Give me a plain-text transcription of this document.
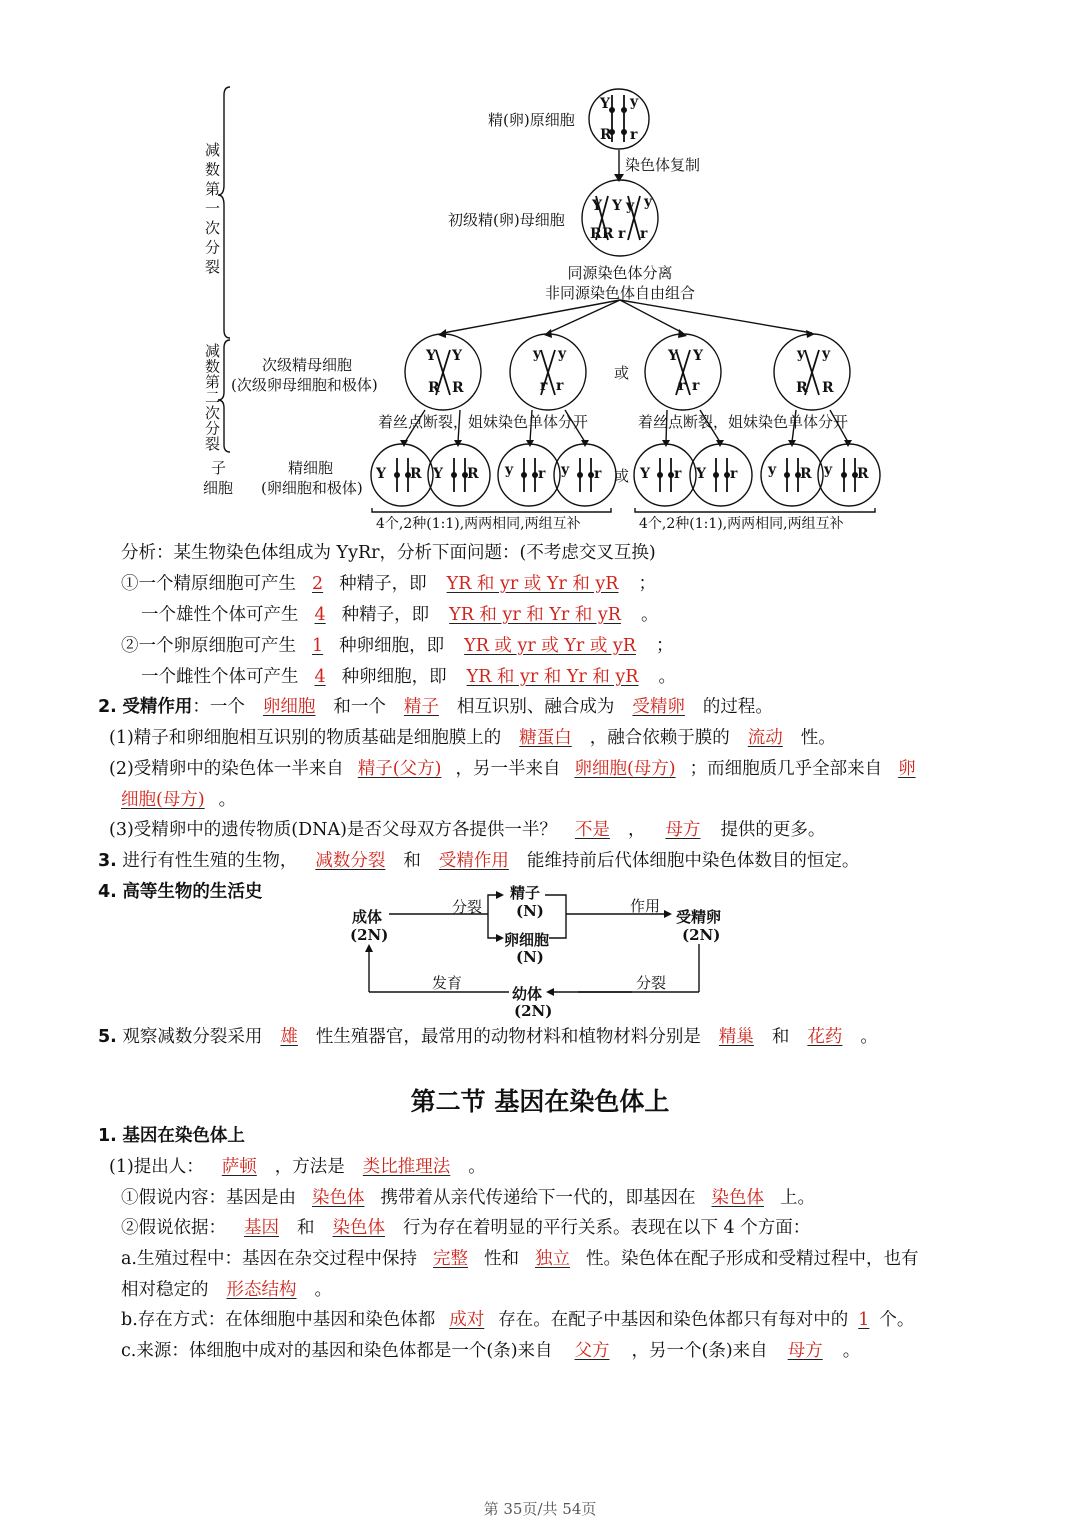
Y y
R r
Y Y y y
R R r r
Y Y
R R
y y
r r
Y Y
r r
y y
R R
Y R Y R y r y r	Y r Y r y R y R
减数第一次分裂
减数第二次分裂
子
细胞
精(卵)原细胞
染色体复制
初级精(卵)母细胞
同源染色体分离
非同源染色体自由组合
次级精母细胞
(次级卵母细胞和极体)
或
着丝点断裂，姐妹染色单体分开	着丝点断裂，姐妹染色单体分开
精细胞
(卵细胞和极体)
或
4个,2种(1:1),两两相同,两组互补	4个,2种(1:1),两两相同,两组互补
分析：某生物染色体组成为 YyRr，分析下面问题：(不考虑交叉互换)
①一个精原细胞可产生 2 种精子，即 YR 和 yr 或 Yr 和 yR ；
一个雄性个体可产生 4 种精子，即 YR 和 yr 和 Yr 和 yR 。
②一个卵原细胞可产生 1 种卵细胞，即 YR 或 yr 或 Yr 或 yR ；
一个雌性个体可产生 4 种卵细胞，即 YR 和 yr 和 Yr 和 yR 。
2. 受精作用：一个 卵细胞 和一个 精子 相互识别、融合成为 受精卵 的过程。
(1)精子和卵细胞相互识别的物质基础是细胞膜上的 糖蛋白 ，融合依赖于膜的 流动 性。
(2)受精卵中的染色体一半来自 精子(父方) ，另一半来自 卵细胞(母方) ；而细胞质几乎全部来自 卵
细胞(母方) 。
(3)受精卵中的遗传物质(DNA)是否父母双方各提供一半？ 不是 ， 母方 提供的更多。
3. 进行有性生殖的生物， 减数分裂 和 受精作用 能维持前后代体细胞中染色体数目的恒定。
4. 高等生物的生活史
成体
(2N)
分裂
精子
(N)
卵细胞
(N)
作用
受精卵
(2N)
发育
幼体
(2N)
分裂
5. 观察减数分裂采用 雄 性生殖器官，最常用的动物材料和植物材料分别是 精巢 和 花药 。
第二节 基因在染色体上
1. 基因在染色体上
(1)提出人： 萨顿 ，方法是 类比推理法 。
①假说内容：基因是由 染色体 携带着从亲代传递给下一代的，即基因在 染色体 上。
②假说依据： 基因 和 染色体 行为存在着明显的平行关系。表现在以下 4 个方面：
a.生殖过程中：基因在杂交过程中保持 完整 性和 独立 性。染色体在配子形成和受精过程中，也有
相对稳定的 形态结构 。
b.存在方式：在体细胞中基因和染色体都 成对 存在。在配子中基因和染色体都只有每对中的 1 个。
c.来源：体细胞中成对的基因和染色体都是一个(条)来自 父方 ，另一个(条)来自 母方 。
第 35页/共 54页
